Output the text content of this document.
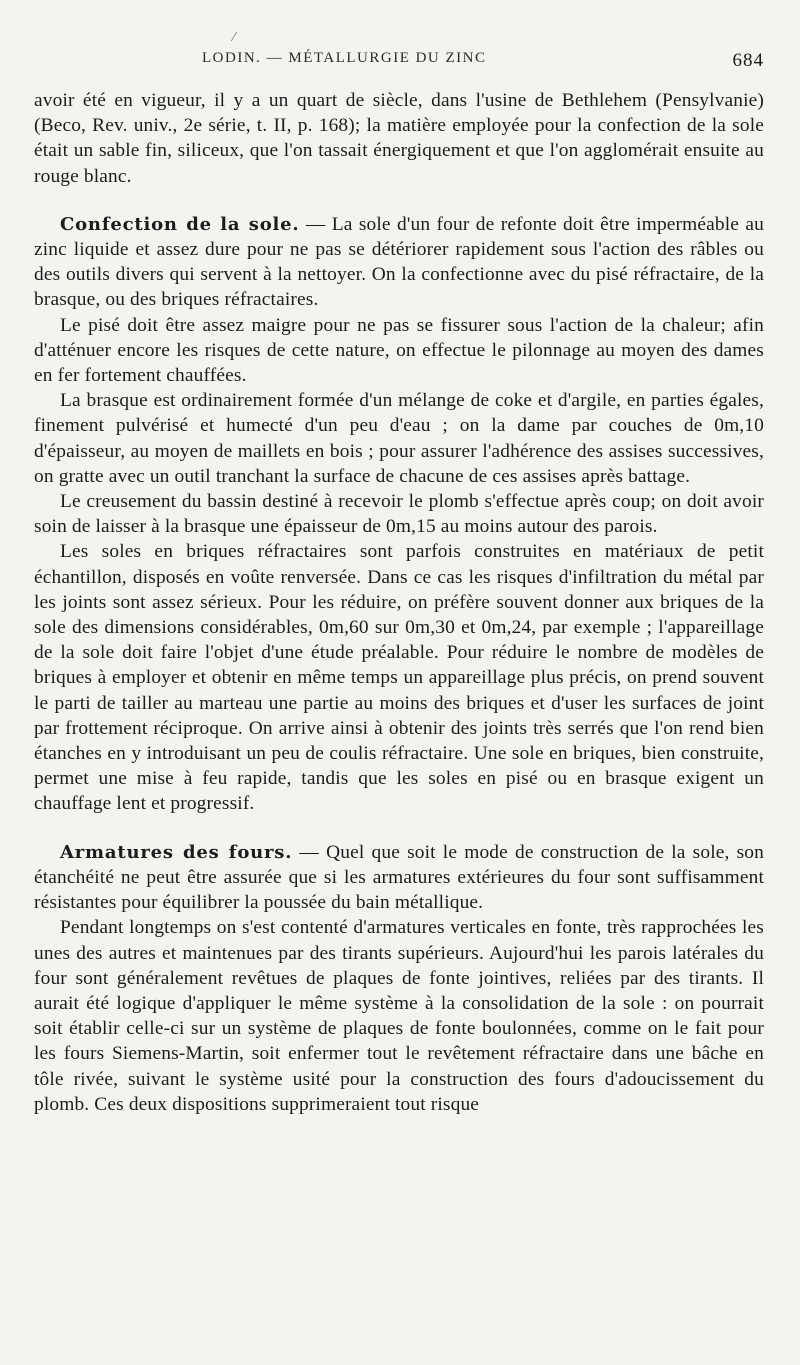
⁄
LODIN. — MÉTALLURGIE DU ZINC	684

avoir été en vigueur, il y a un quart de siècle, dans l'usine de Bethlehem (Pensylvanie) (Beco, Rev. univ., 2e série, t. II, p. 168); la matière employée pour la confection de la sole était un sable fin, siliceux, que l'on tassait énergiquement et que l'on agglomérait ensuite au rouge blanc.

Confection de la sole. — La sole d'un four de refonte doit être imperméable au zinc liquide et assez dure pour ne pas se détériorer rapidement sous l'action des râbles ou des outils divers qui servent à la nettoyer. On la confectionne avec du pisé réfractaire, de la brasque, ou des briques réfractaires.

Le pisé doit être assez maigre pour ne pas se fissurer sous l'action de la chaleur; afin d'atténuer encore les risques de cette nature, on effectue le pilonnage au moyen des dames en fer fortement chauffées.

La brasque est ordinairement formée d'un mélange de coke et d'argile, en parties égales, finement pulvérisé et humecté d'un peu d'eau ; on la dame par couches de 0m,10 d'épaisseur, au moyen de maillets en bois ; pour assurer l'adhérence des assises successives, on gratte avec un outil tranchant la surface de chacune de ces assises après battage.

Le creusement du bassin destiné à recevoir le plomb s'effectue après coup; on doit avoir soin de laisser à la brasque une épaisseur de 0m,15 au moins autour des parois.

Les soles en briques réfractaires sont parfois construites en matériaux de petit échantillon, disposés en voûte renversée. Dans ce cas les risques d'infiltration du métal par les joints sont assez sérieux. Pour les réduire, on préfère souvent donner aux briques de la sole des dimensions considérables, 0m,60 sur 0m,30 et 0m,24, par exemple ; l'appareillage de la sole doit faire l'objet d'une étude préalable. Pour réduire le nombre de modèles de briques à employer et obtenir en même temps un appareillage plus précis, on prend souvent le parti de tailler au marteau une partie au moins des briques et d'user les surfaces de joint par frottement réciproque. On arrive ainsi à obtenir des joints très serrés que l'on rend bien étanches en y introduisant un peu de coulis réfractaire. Une sole en briques, bien construite, permet une mise à feu rapide, tandis que les soles en pisé ou en brasque exigent un chauffage lent et progressif.

Armatures des fours. — Quel que soit le mode de construction de la sole, son étanchéité ne peut être assurée que si les armatures extérieures du four sont suffisamment résistantes pour équilibrer la poussée du bain métallique.

Pendant longtemps on s'est contenté d'armatures verticales en fonte, très rapprochées les unes des autres et maintenues par des tirants supérieurs. Aujourd'hui les parois latérales du four sont généralement revêtues de plaques de fonte jointives, reliées par des tirants. Il aurait été logique d'appliquer le même système à la consolidation de la sole : on pourrait soit établir celle-ci sur un système de plaques de fonte boulonnées, comme on le fait pour les fours Siemens-Martin, soit enfermer tout le revêtement réfractaire dans une bâche en tôle rivée, suivant le système usité pour la construction des fours d'adoucissement du plomb. Ces deux dispositions supprimeraient tout risque
